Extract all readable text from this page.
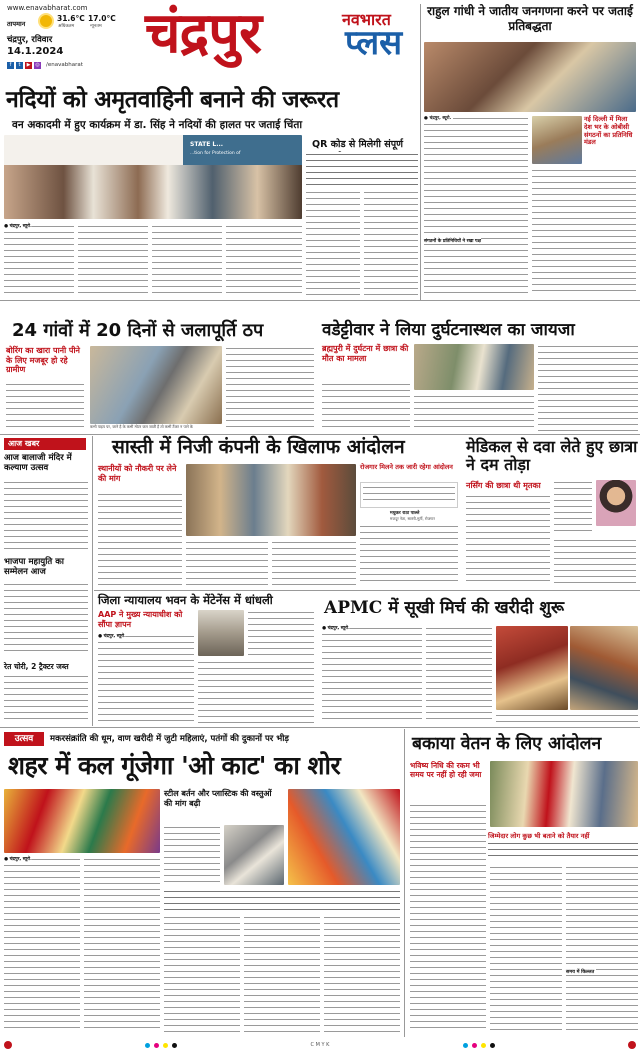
www.enavabharat.com
तापमान
31.6°C
अधिकतम
17.0°C
न्यूनतम
चंद्रपुर, रविवार
14.1.2024
f	t	▶ ◎ /enavabharat चंद्रपुर	नवभारत
प्लस
राहुल गांधी ने जातीय जनगणना करने पर जताई प्रतिबद्धता
● चंद्रपुर, ब्यूरो.	नई दिल्ली में मिला देश भर के ओबीसी संगठनों का प्रतिनिधि मंडल
संगठनों के प्रतिनिधियों ने रखा पक्ष
नदियों को अमृतवाहिनी बनाने की जरूरत
वन अकादमी में हुए कार्यक्रम में डा. सिंह ने नदियों की हालत पर जताई चिंता
STATE L...
...tion for Protection of
● चंद्रपुर, ब्यूरो.
QR कोड से मिलेगी संपूर्ण
24 गांवों में 20 दिनों से जलापूर्ति ठप
बोरिंग का खारा पानी पीने के लिए मजबूर हो रहे ग्रामीण
कभी पाइप पर, जाने है के कभी मोटर जल जाती है तो कभी टैंकर न पाने के
वडेट्टीवार ने लिया दुर्घटनास्थल का जायजा
ब्रह्मपुरी में दुर्घटना में छात्रा की मौत का मामला
आज खबर
आज बालाजी मंदिर में कल्याण उत्सव
भाजपा महायुति का सम्मेलन आज
रेत चोरी, 2 ट्रैक्टर जब्त
सास्ती में निजी कंपनी के खिलाफ आंदोलन
स्थानीयों को नौकरी पर लेने की मांग
रोजगार मिलने तक जारी रहेगा आंदोलन
मधुकर राठा पाल्ले
मजदूर नेता, सास्ती-मुर्ती, रोजगार
मेडिकल से दवा लेते हुए छात्रा ने दम तोड़ा
नर्सिंग की छात्रा थी मृतका
जिला न्यायालय भवन के मेंटेनेंस में धांधली
AAP ने मुख्य न्यायाधीश को सौंपा ज्ञापन
● चंद्रपुर, ब्यूरो.
APMC में सूखी मिर्च की खरीदी शुरू
● चंद्रपुर, ब्यूरो.
उत्सव	मकरसंक्रांति की धूम, वाण खरीदी में जुटी महिलाएं, पतंगों की दुकानों पर भीड़
शहर में कल गूंजेगा 'ओ काट' का शोर
● चंद्रपुर, ब्यूरो.
स्टील बर्तन और प्लास्टिक की वस्तुओं की मांग बढ़ी
बकाया वेतन के लिए आंदोलन
भविष्य निधि की रकम भी समय पर नहीं हो रही जमा
जिम्मेदार लोग कुछ भी बताने को तैयार नहीं
समय में किल्लत
C M Y K
